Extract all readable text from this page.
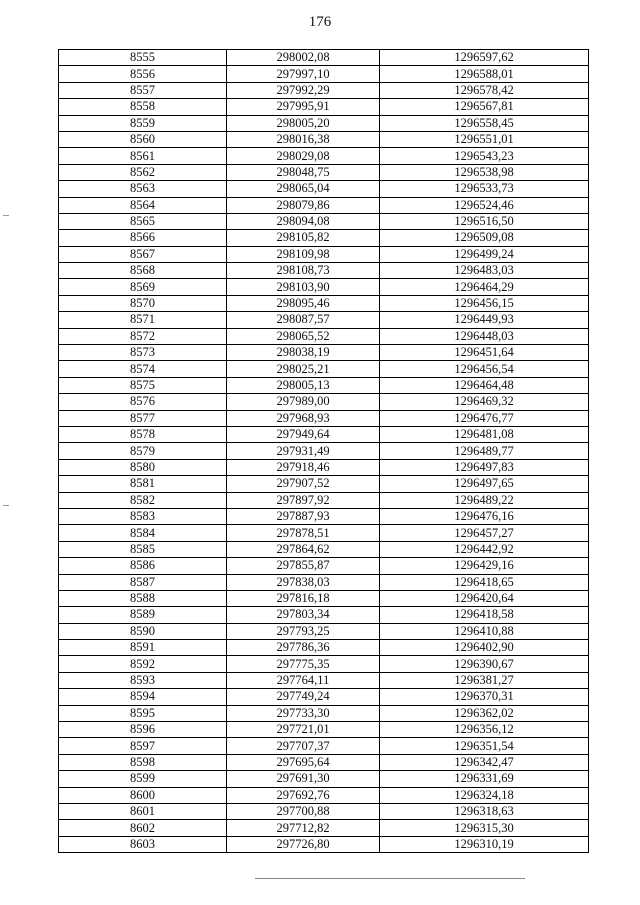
176
8555	298002,08	1296597,62
8556	297997,10	1296588,01
8557	297992,29	1296578,42
8558	297995,91	1296567,81
8559	298005,20	1296558,45
8560	298016,38	1296551,01
8561	298029,08	1296543,23
8562	298048,75	1296538,98
8563	298065,04	1296533,73
8564	298079,86	1296524,46
8565	298094,08	1296516,50
8566	298105,82	1296509,08
8567	298109,98	1296499,24
8568	298108,73	1296483,03
8569	298103,90	1296464,29
8570	298095,46	1296456,15
8571	298087,57	1296449,93
8572	298065,52	1296448,03
8573	298038,19	1296451,64
8574	298025,21	1296456,54
8575	298005,13	1296464,48
8576	297989,00	1296469,32
8577	297968,93	1296476,77
8578	297949,64	1296481,08
8579	297931,49	1296489,77
8580	297918,46	1296497,83
8581	297907,52	1296497,65
8582	297897,92	1296489,22
8583	297887,93	1296476,16
8584	297878,51	1296457,27
8585	297864,62	1296442,92
8586	297855,87	1296429,16
8587	297838,03	1296418,65
8588	297816,18	1296420,64
8589	297803,34	1296418,58
8590	297793,25	1296410,88
8591	297786,36	1296402,90
8592	297775,35	1296390,67
8593	297764,11	1296381,27
8594	297749,24	1296370,31
8595	297733,30	1296362,02
8596	297721,01	1296356,12
8597	297707,37	1296351,54
8598	297695,64	1296342,47
8599	297691,30	1296331,69
8600	297692,76	1296324,18
8601	297700,88	1296318,63
8602	297712,82	1296315,30
8603	297726,80	1296310,19
